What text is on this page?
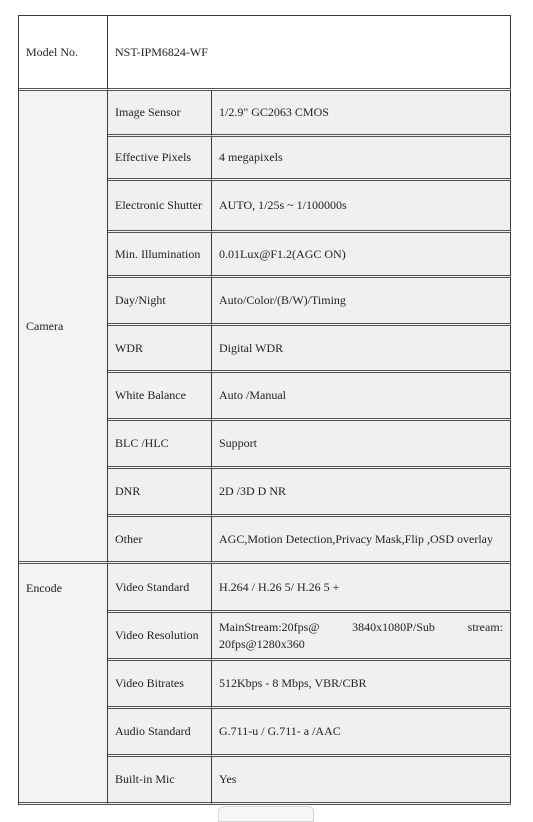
Model No.	NST-IPM6824-WF	
Camera	Image Sensor	1/2.9" GC2063 CMOS
	Effective Pixels	4 megapixels
	Electronic Shutter	AUTO, 1/25s ~ 1/100000s
	Min. Illumination	0.01Lux@F1.2(AGC ON)
	Day/Night	Auto/Color/(B/W)/Timing
	WDR	Digital WDR
	White Balance	Auto /Manual
	BLC /HLC	Support
	DNR	2D /3D D NR
	Other	AGC,Motion Detection,Privacy Mask,Flip ,OSD overlay
Encode	Video Standard	H.264 / H.26 5/ H.26 5 +
	Video Resolution	MainStream:20fps@ 3840x1080P/Sub stream: 20fps@1280x360
	Video Bitrates	512Kbps - 8 Mbps, VBR/CBR
	Audio Standard	G.711-u / G.711- a /AAC
	Built-in Mic	Yes
